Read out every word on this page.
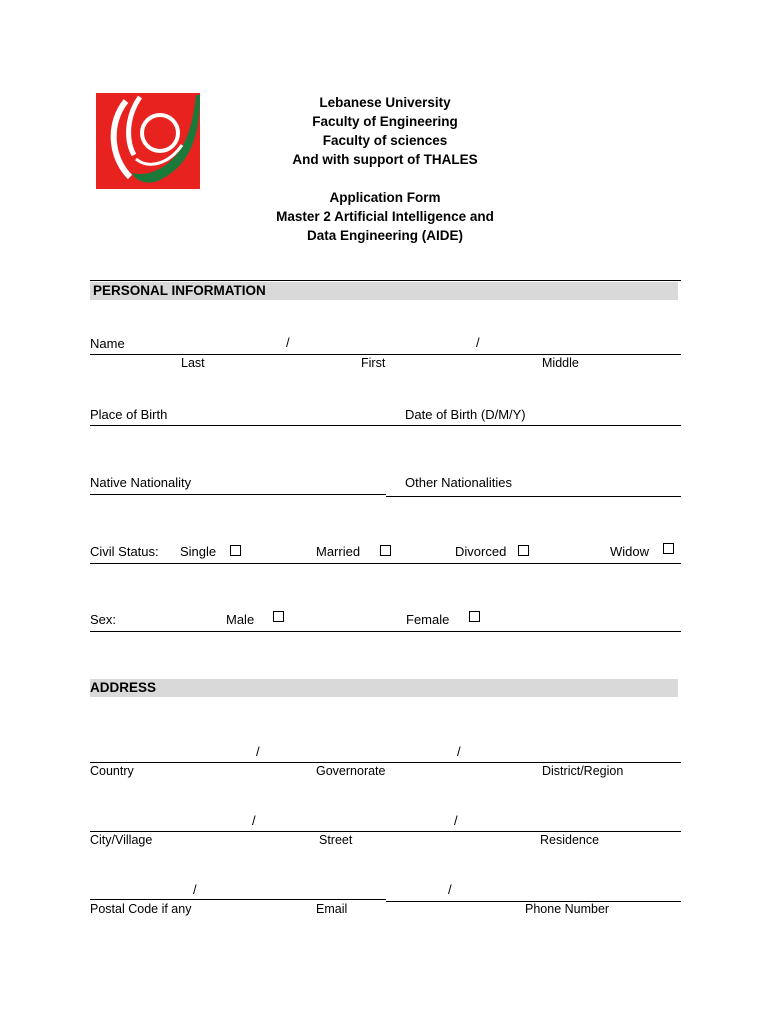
Lebanese University
Faculty of Engineering
Faculty of sciences
And with support of THALES
Application Form
Master 2 Artificial Intelligence and
Data Engineering (AIDE)
PERSONAL INFORMATION
Name	/	/
Last	First	Middle
Place of Birth	Date of Birth (D/M/Y)
Native Nationality	Other Nationalities
Civil Status: Single	Married	Divorced	Widow
Sex:	Male	Female
ADDRESS
/	/
Country	Governorate	District/Region
/	/
City/Village	Street	Residence
/	/
Postal Code if any	Email	Phone Number
